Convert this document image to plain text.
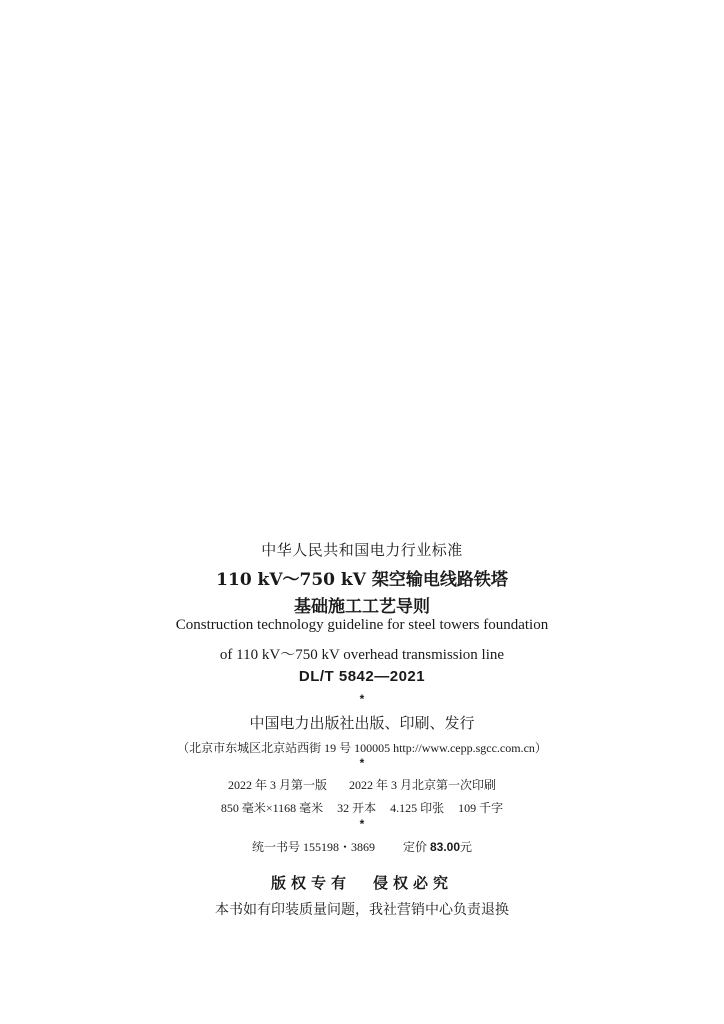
中华人民共和国电力行业标准
110 kV～750 kV 架空输电线路铁塔
基础施工工艺导则
Construction technology guideline for steel towers foundation
of 110 kV～750 kV overhead transmission line
DL/T 5842—2021
*
中国电力出版社出版、印刷、发行
（北京市东城区北京站西街 19 号 100005 http://www.cepp.sgcc.com.cn）
*
2022 年 3 月第一版 2022 年 3 月北京第一次印刷
850 毫米×1168 毫米 32 开本 4.125 印张 109 千字
*
统一书号 155198・3869 定价 83.00元
版权专有 侵权必究
本书如有印装质量问题，我社营销中心负责退换
